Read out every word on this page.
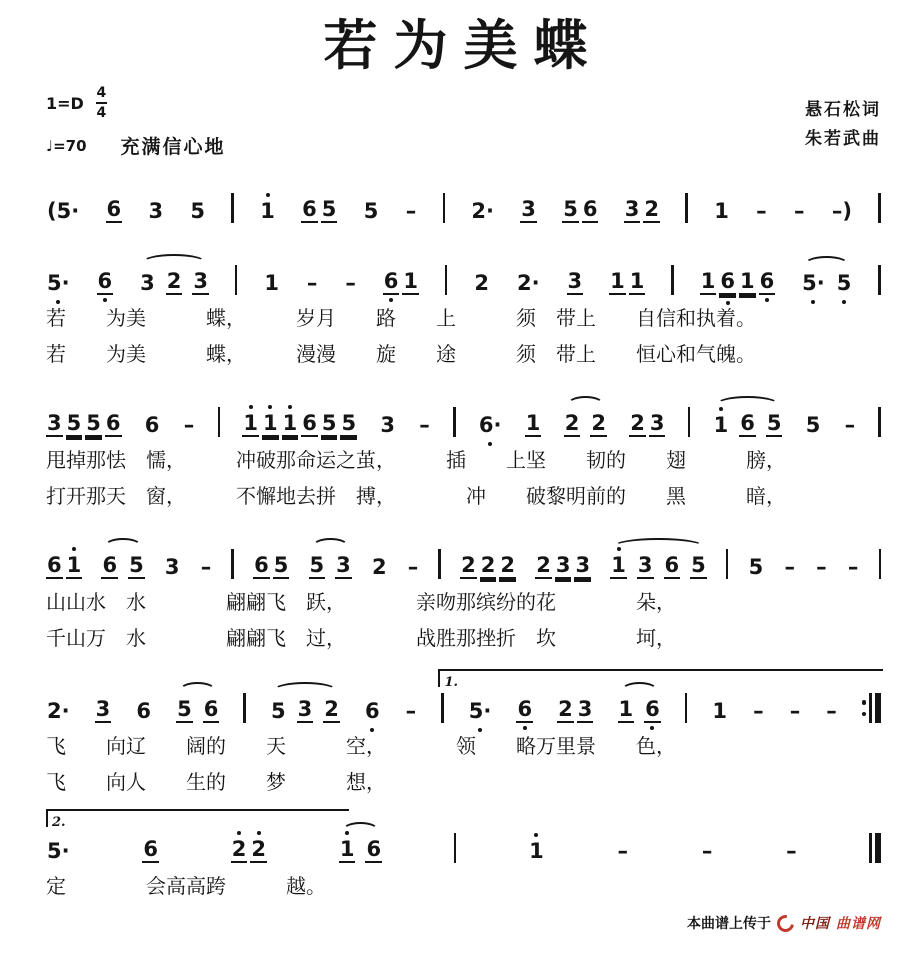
若为美蝶
$1=D \frac{4}{4}$
♩=70 充满信心地
悬石松词
朱若武曲
(5· 6 3 5	1 6 5 5 –	2· 3 5 6 3 2	1 – – –)
5· 6 3 2 3	1 – – 6 1	2 2· 3 1 1	1 6 1 6 5· 5
若　　为美　　　蝶，　　　岁月　　路　　上　　　须　带上　　自信和执着。
若　　为美　　　蝶，　　　漫漫　　旋　　途　　　须　带上　　恒心和气魄。
3 5 5 6 6 – 1 1 1 6 5 5 3 – 6· 1 2 2 2 3 1 6 5 5 –
甩掉那怯　懦，　　　冲破那命运之茧，　　　插　　上坚　　韧的　　翅　　　膀，
打开那天　窗，　　　不懈地去拼　搏，　　　　冲　　破黎明前的　　黑　　　暗，
6 1 6 5 3 – 6 5 5 3 2 – 2 2 2 2 3 3 1 3 6 5 5 – – –
山山水　水　　　　翩翩飞　跃，　　　　亲吻那缤纷的花　　　　朵，
千山万　水　　　　翩翩飞　过，　　　　战胜那挫折　坎　　　　坷，
1.
2· 3 6 5 6	5 3 2 6 –	5· 6 2 3 1 6	1 – – –
飞　　向辽　　阔的　　天　　　空，　　　　领　　略万里景　　色，
飞　　向人　　生的　　梦　　　想，
2.
5·	6	2 2	1 6	1	–	–	–
定　　　　会高高跨　　　越。
本曲谱上传于 中国 曲谱网
